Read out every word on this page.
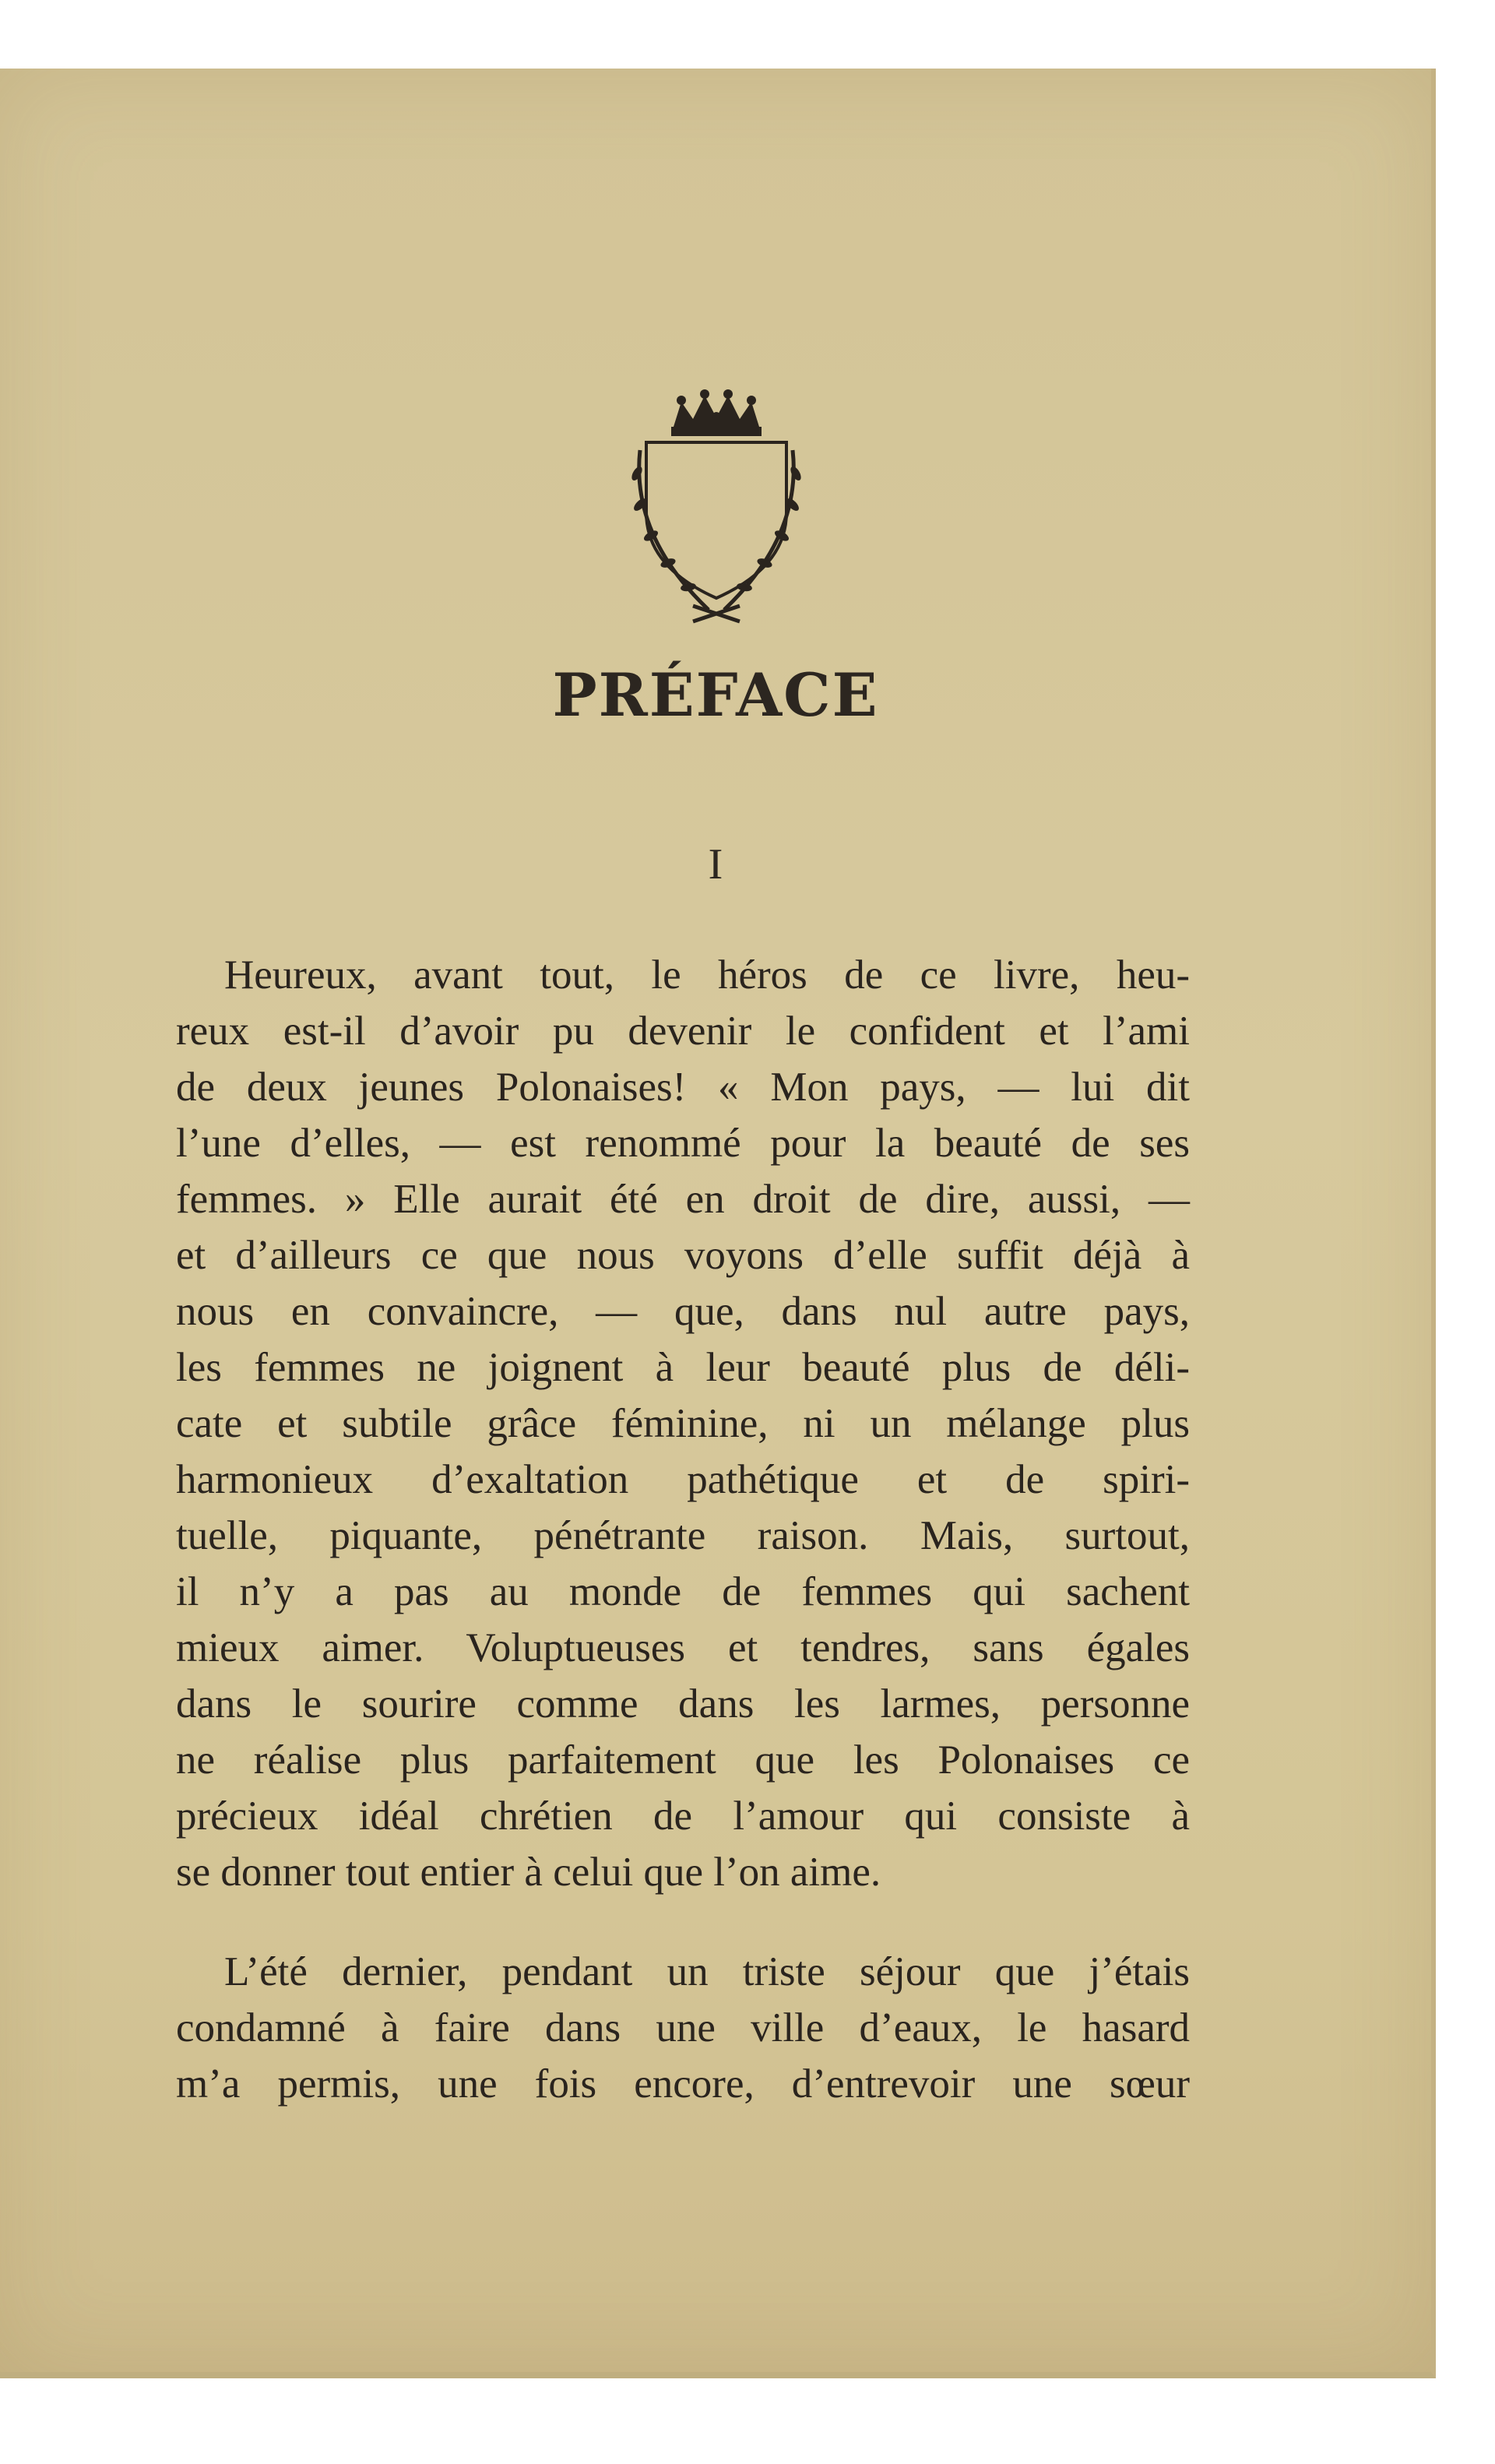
PRÉFACE
I
Heureux, avant tout, le héros de ce livre, heu-
reux est-il d’avoir pu devenir le confident et l’ami
de deux jeunes Polonaises! « Mon pays, — lui dit
l’une d’elles, — est renommé pour la beauté de ses
femmes. » Elle aurait été en droit de dire, aussi, —
et d’ailleurs ce que nous voyons d’elle suffit déjà à
nous en convaincre, — que, dans nul autre pays,
les femmes ne joignent à leur beauté plus de déli-
cate et subtile grâce féminine, ni un mélange plus
harmonieux d’exaltation pathétique et de spiri-
tuelle, piquante, pénétrante raison. Mais, surtout,
il n’y a pas au monde de femmes qui sachent
mieux aimer. Voluptueuses et tendres, sans égales
dans le sourire comme dans les larmes, personne
ne réalise plus parfaitement que les Polonaises ce
précieux idéal chrétien de l’amour qui consiste à
se donner tout entier à celui que l’on aime.
L’été dernier, pendant un triste séjour que j’étais
condamné à faire dans une ville d’eaux, le hasard
m’a permis, une fois encore, d’entrevoir une sœur
